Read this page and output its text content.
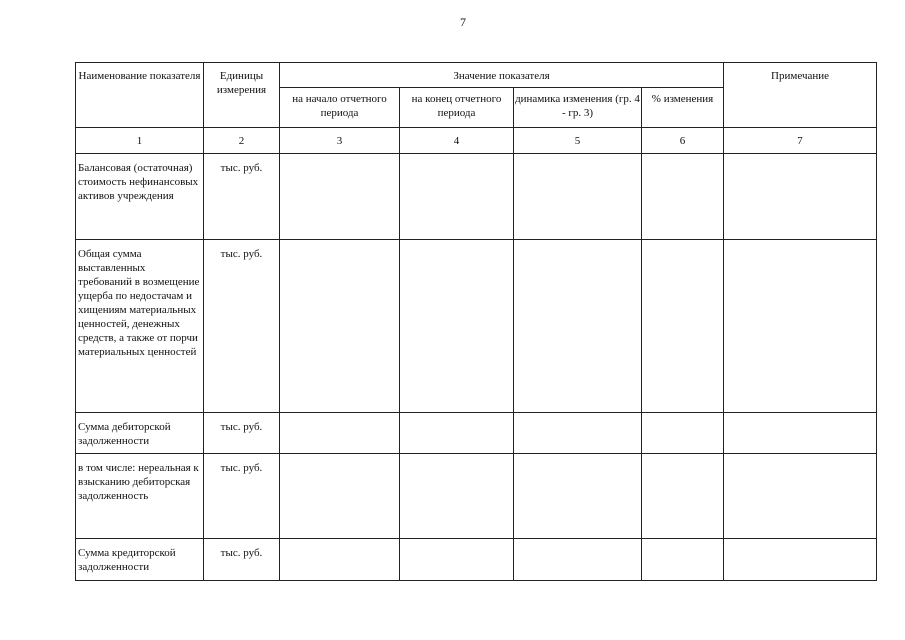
7
Наименование показателя	Единицы измерения	Значение показателя				Примечание
		на начало отчетного периода	на конец отчетного периода	динамика изменения (гр. 4 - гр. 3)	% изменения	
1	2	3	4	5	6	7
Балансовая (остаточная) стоимость нефинансовых активов учреждения	тыс. руб.					
Общая сумма выставленных требований в возмещение ущерба по недостачам и хищениям материальных ценностей, денежных средств, а также от порчи материальных ценностей	тыс. руб.					
Сумма дебиторской задолженности	тыс. руб.					
в том числе: нереальная к взысканию дебиторская задолженность	тыс. руб.					
Сумма кредиторской задолженности	тыс. руб.					
